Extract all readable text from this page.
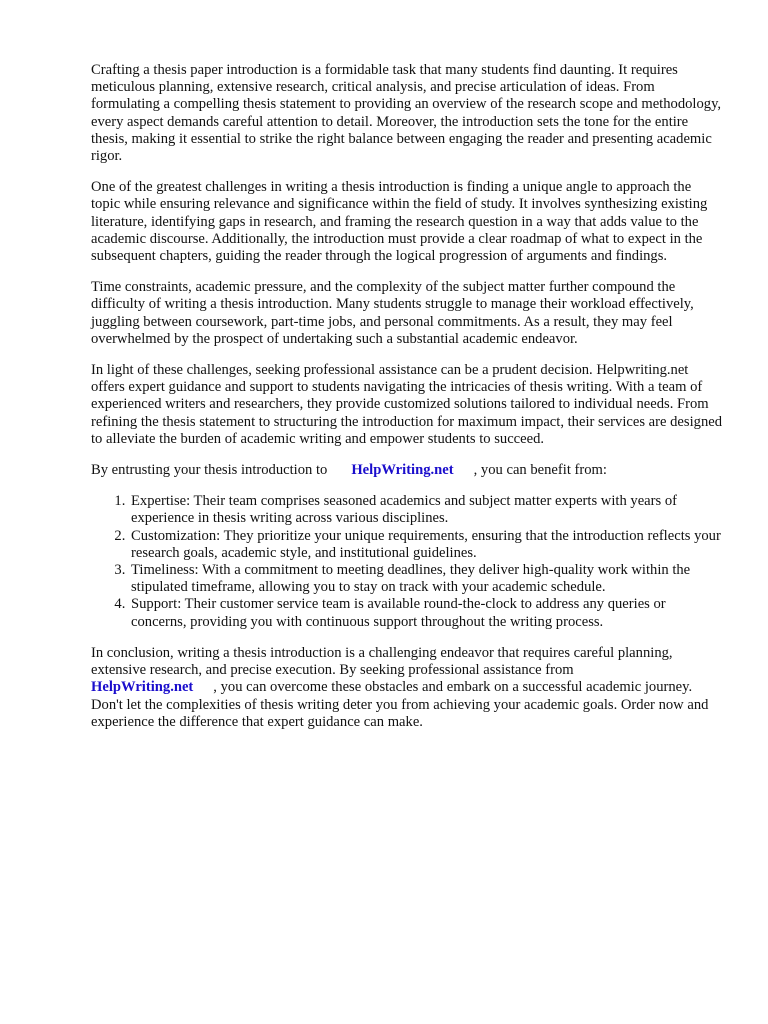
Crafting a thesis paper introduction is a formidable task that many students find daunting. It requires meticulous planning, extensive research, critical analysis, and precise articulation of ideas. From formulating a compelling thesis statement to providing an overview of the research scope and methodology, every aspect demands careful attention to detail. Moreover, the introduction sets the tone for the entire thesis, making it essential to strike the right balance between engaging the reader and presenting academic rigor.

One of the greatest challenges in writing a thesis introduction is finding a unique angle to approach the topic while ensuring relevance and significance within the field of study. It involves synthesizing existing literature, identifying gaps in research, and framing the research question in a way that adds value to the academic discourse. Additionally, the introduction must provide a clear roadmap of what to expect in the subsequent chapters, guiding the reader through the logical progression of arguments and findings.

Time constraints, academic pressure, and the complexity of the subject matter further compound the difficulty of writing a thesis introduction. Many students struggle to manage their workload effectively, juggling between coursework, part-time jobs, and personal commitments. As a result, they may feel overwhelmed by the prospect of undertaking such a substantial academic endeavor.

In light of these challenges, seeking professional assistance can be a prudent decision. Helpwriting.net offers expert guidance and support to students navigating the intricacies of thesis writing. With a team of experienced writers and researchers, they provide customized solutions tailored to individual needs. From refining the thesis statement to structuring the introduction for maximum impact, their services are designed to alleviate the burden of academic writing and empower students to succeed.

By entrusting your thesis introduction to HelpWriting.net , you can benefit from:

1. Expertise: Their team comprises seasoned academics and subject matter experts with years of experience in thesis writing across various disciplines.
2. Customization: They prioritize your unique requirements, ensuring that the introduction reflects your research goals, academic style, and institutional guidelines.
3. Timeliness: With a commitment to meeting deadlines, they deliver high-quality work within the stipulated timeframe, allowing you to stay on track with your academic schedule.
4. Support: Their customer service team is available round-the-clock to address any queries or concerns, providing you with continuous support throughout the writing process.

In conclusion, writing a thesis introduction is a challenging endeavor that requires careful planning, extensive research, and precise execution. By seeking professional assistance from
HelpWriting.net , you can overcome these obstacles and embark on a successful academic journey. Don't let the complexities of thesis writing deter you from achieving your academic goals. Order now and experience the difference that expert guidance can make.
